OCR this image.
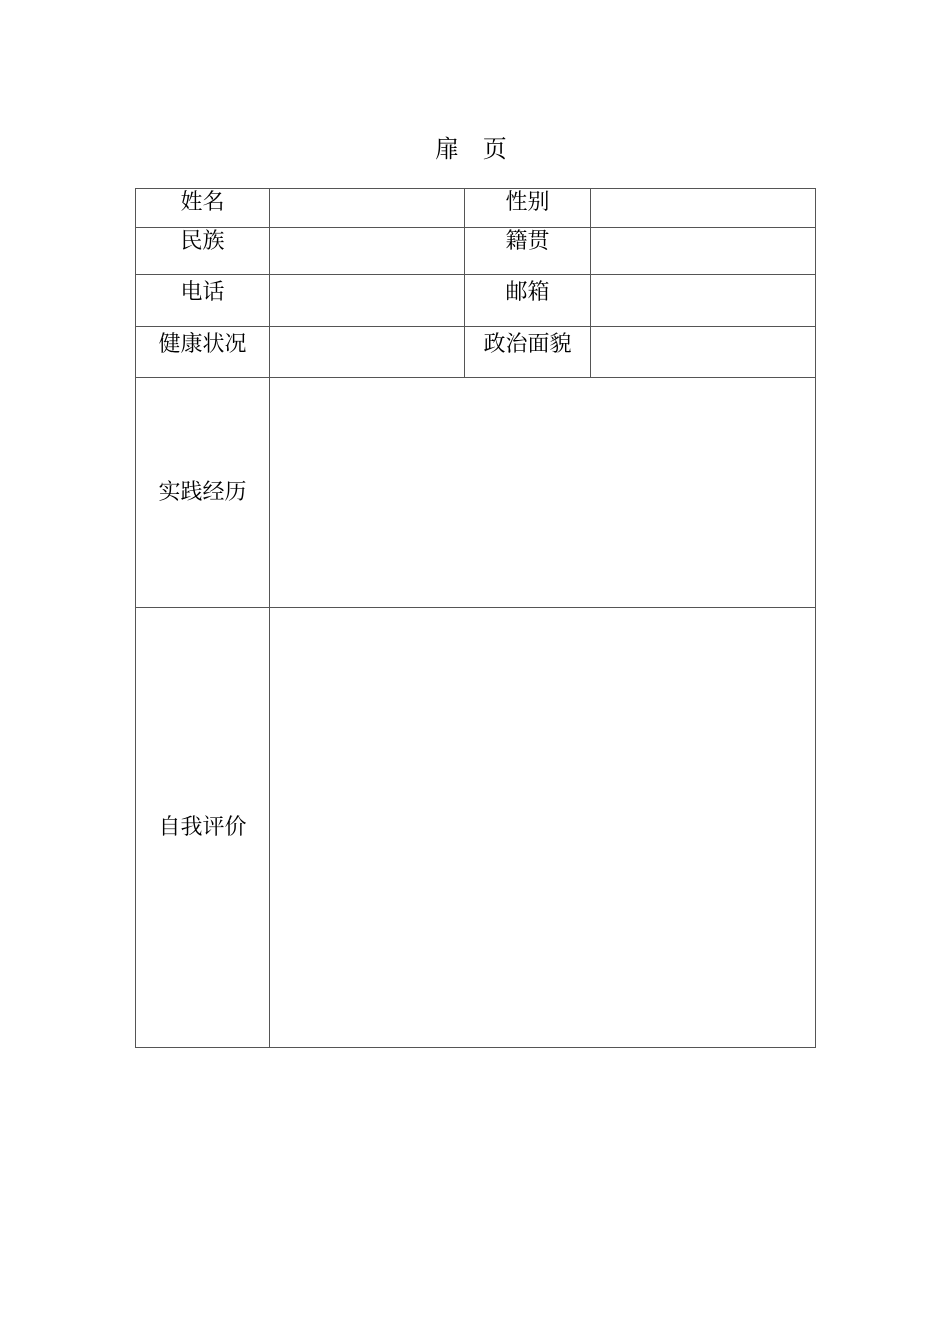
扉 页
姓名		性别	
民族		籍贯	
电话		邮箱	
健康状况		政治面貌	
实践经历			
自我评价			
